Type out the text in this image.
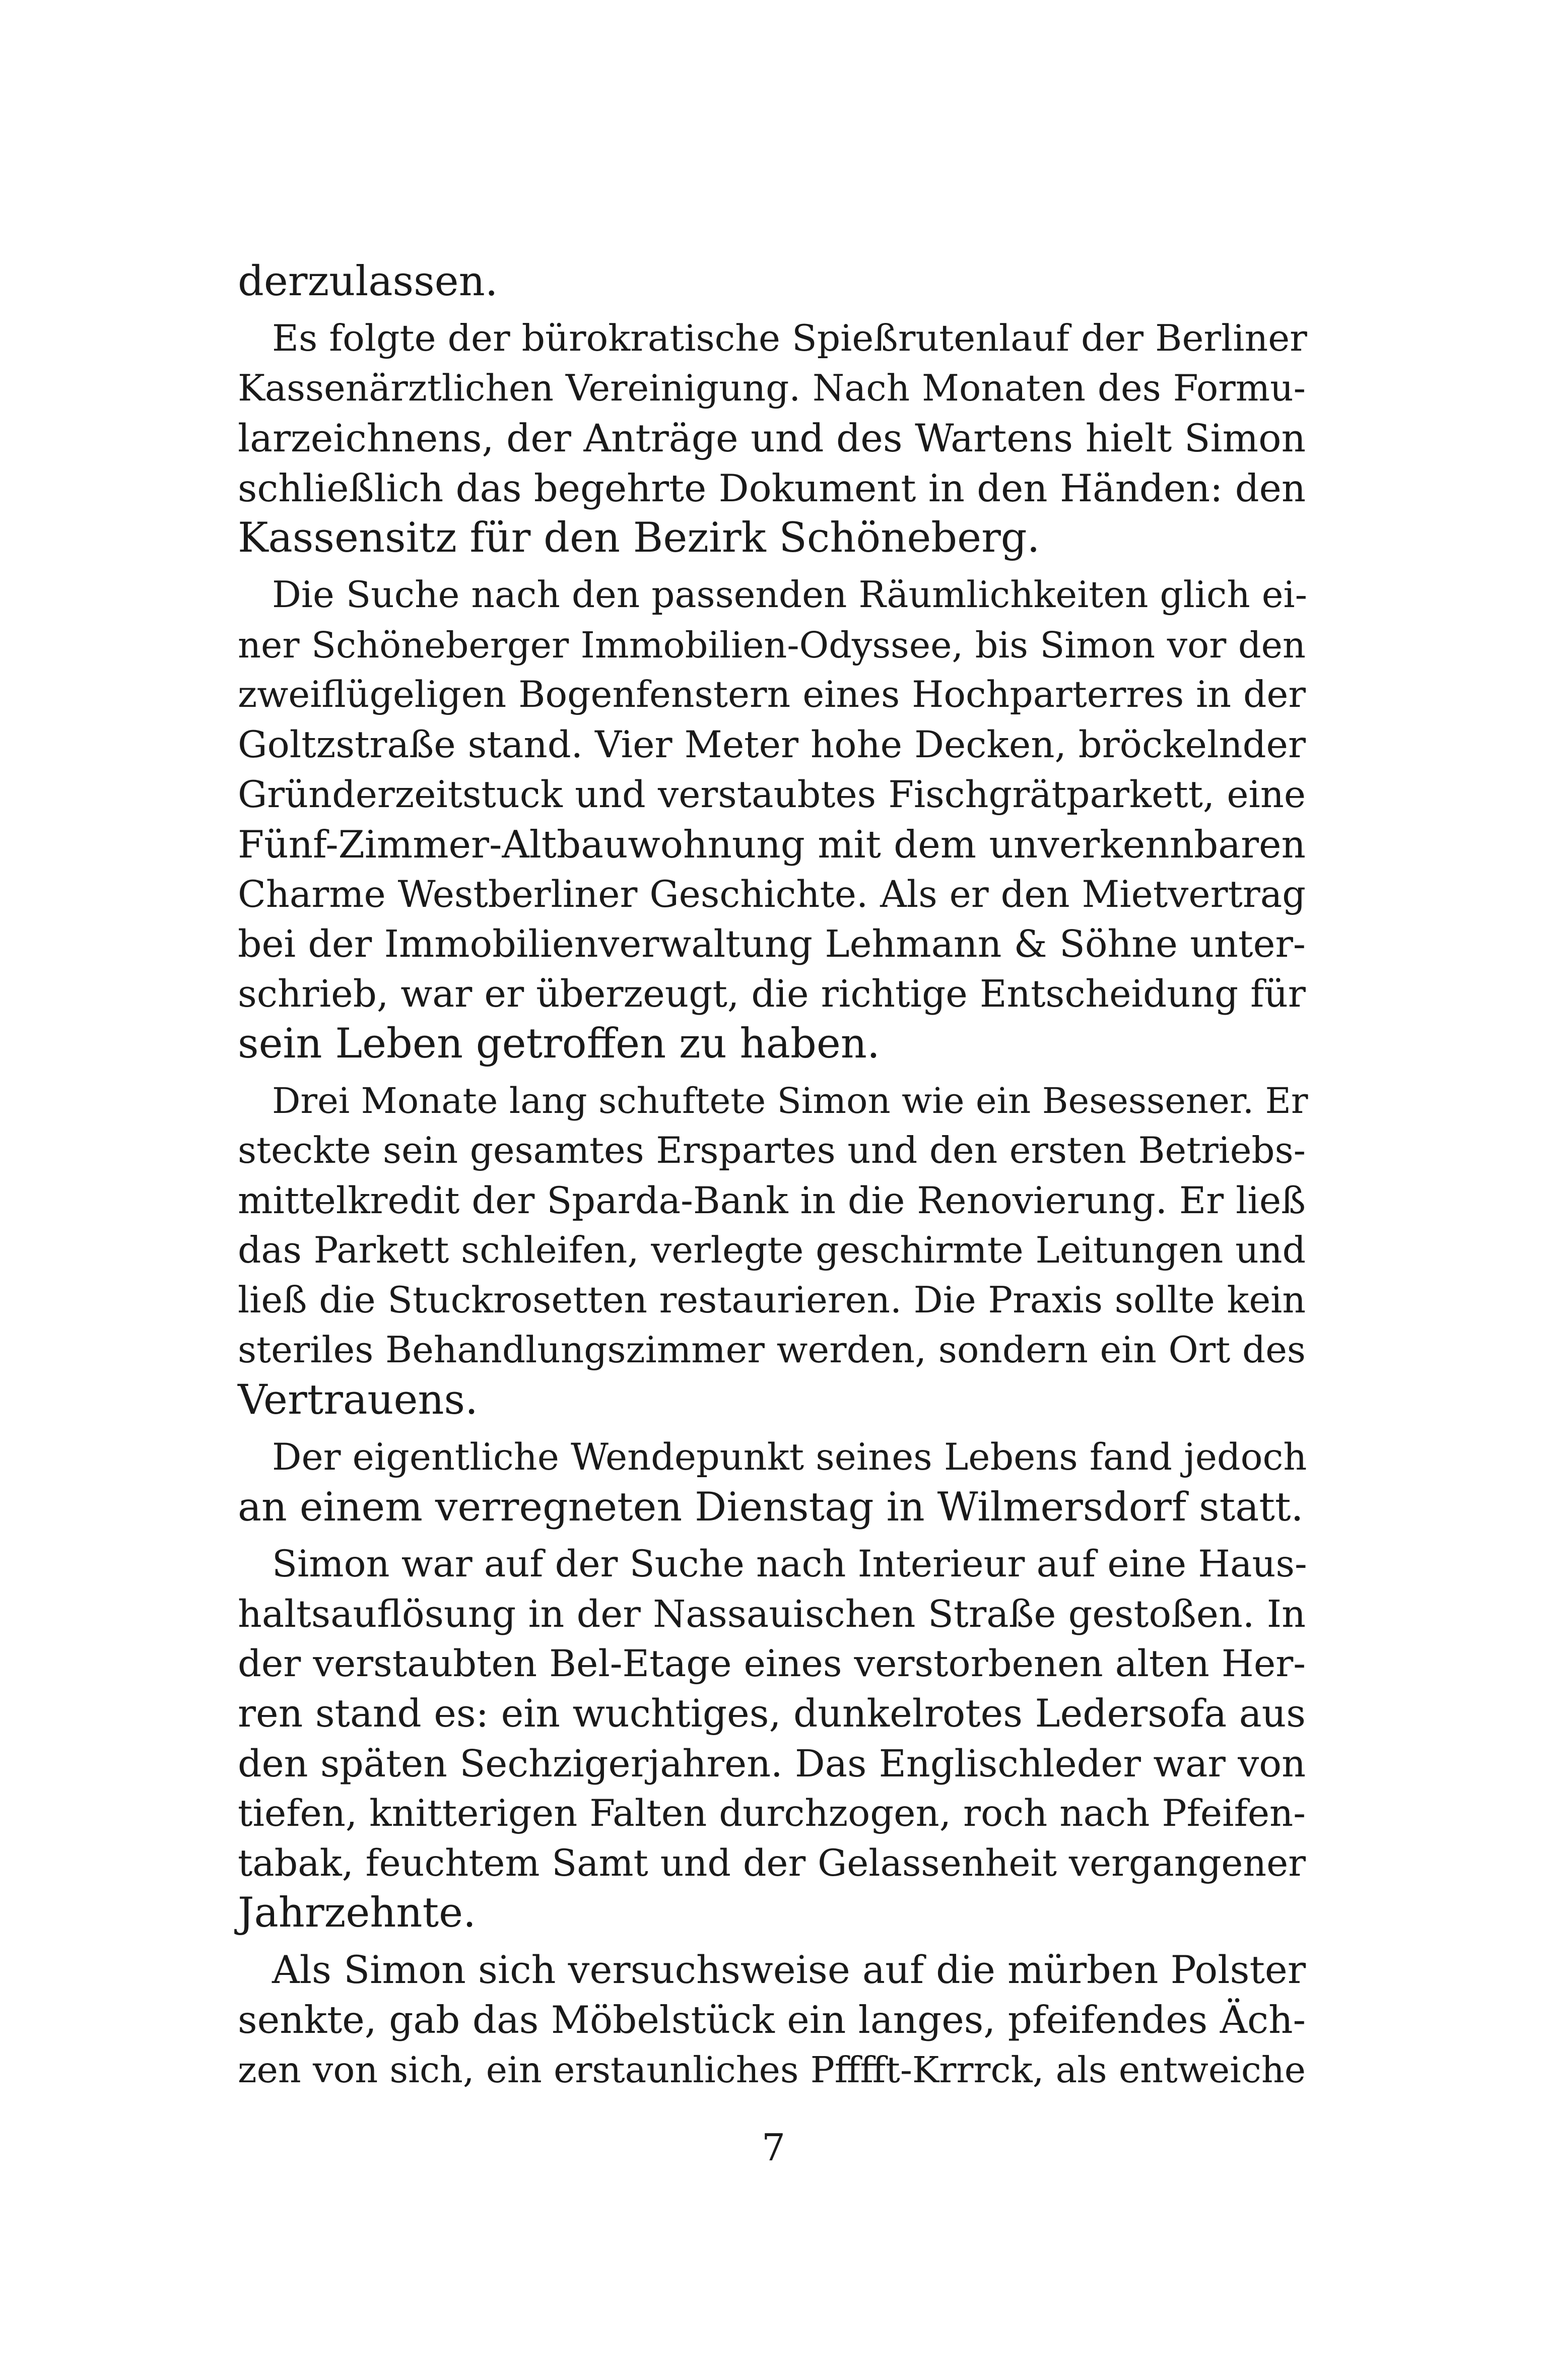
derzulassen.
Es folgte der bürokratische Spießrutenlauf der Berliner
Kassenärztlichen Vereinigung. Nach Monaten des Formu-
larzeichnens, der Anträge und des Wartens hielt Simon
schließlich das begehrte Dokument in den Händen: den
Kassensitz für den Bezirk Schöneberg.
Die Suche nach den passenden Räumlichkeiten glich ei-
ner Schöneberger Immobilien-Odyssee, bis Simon vor den
zweiflügeligen Bogenfenstern eines Hochparterres in der
Goltzstraße stand. Vier Meter hohe Decken, bröckelnder
Gründerzeitstuck und verstaubtes Fischgrätparkett, eine
Fünf-Zimmer-Altbauwohnung mit dem unverkennbaren
Charme Westberliner Geschichte. Als er den Mietvertrag
bei der Immobilienverwaltung Lehmann & Söhne unter-
schrieb, war er überzeugt, die richtige Entscheidung für
sein Leben getroffen zu haben.
Drei Monate lang schuftete Simon wie ein Besessener. Er
steckte sein gesamtes Erspartes und den ersten Betriebs-
mittelkredit der Sparda-Bank in die Renovierung. Er ließ
das Parkett schleifen, verlegte geschirmte Leitungen und
ließ die Stuckrosetten restaurieren. Die Praxis sollte kein
steriles Behandlungszimmer werden, sondern ein Ort des
Vertrauens.
Der eigentliche Wendepunkt seines Lebens fand jedoch
an einem verregneten Dienstag in Wilmersdorf statt.
Simon war auf der Suche nach Interieur auf eine Haus-
haltsauflösung in der Nassauischen Straße gestoßen. In
der verstaubten Bel-Etage eines verstorbenen alten Her-
ren stand es: ein wuchtiges, dunkelrotes Ledersofa aus
den späten Sechzigerjahren. Das Englischleder war von
tiefen, knitterigen Falten durchzogen, roch nach Pfeifen-
tabak, feuchtem Samt und der Gelassenheit vergangener
Jahrzehnte.
Als Simon sich versuchsweise auf die mürben Polster
senkte, gab das Möbelstück ein langes, pfeifendes Äch-
zen von sich, ein erstaunliches Pfffft-Krrrck, als entweiche
7
